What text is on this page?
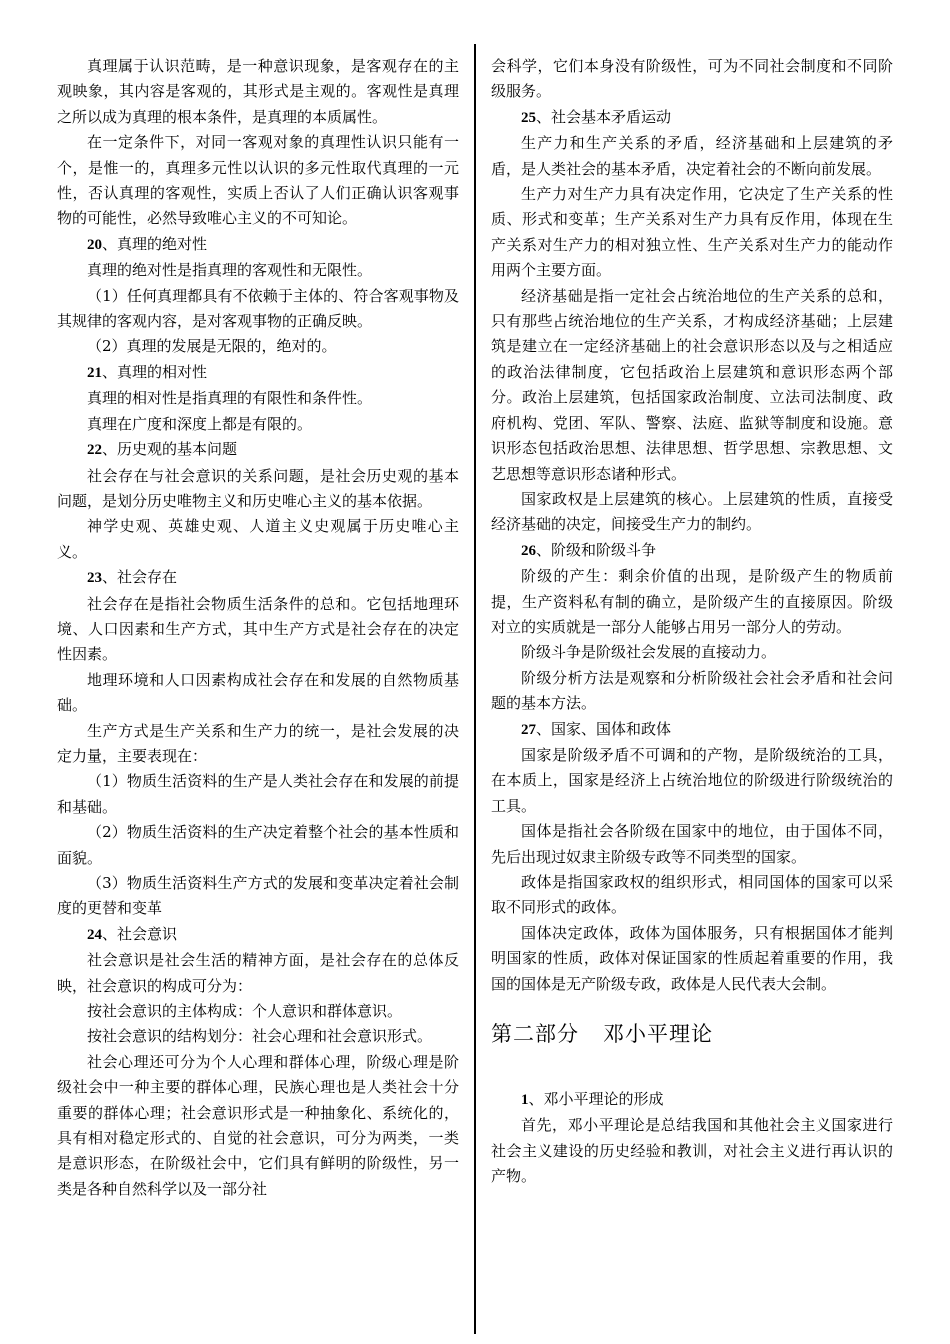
真理属于认识范畴，是一种意识现象，是客观存在的主观映象，其内容是客观的，其形式是主观的。客观性是真理之所以成为真理的根本条件，是真理的本质属性。

在一定条件下，对同一客观对象的真理性认识只能有一个，是惟一的，真理多元性以认识的多元性取代真理的一元性，否认真理的客观性，实质上否认了人们正确认识客观事物的可能性，必然导致唯心主义的不可知论。

20、真理的绝对性

真理的绝对性是指真理的客观性和无限性。

（1）任何真理都具有不依赖于主体的、符合客观事物及其规律的客观内容，是对客观事物的正确反映。

（2）真理的发展是无限的，绝对的。

21、真理的相对性

真理的相对性是指真理的有限性和条件性。

真理在广度和深度上都是有限的。

22、历史观的基本问题

社会存在与社会意识的关系问题，是社会历史观的基本问题，是划分历史唯物主义和历史唯心主义的基本依据。

神学史观、英雄史观、人道主义史观属于历史唯心主义。

23、社会存在

社会存在是指社会物质生活条件的总和。它包括地理环境、人口因素和生产方式，其中生产方式是社会存在的决定性因素。

地理环境和人口因素构成社会存在和发展的自然物质基础。

生产方式是生产关系和生产力的统一，是社会发展的决定力量，主要表现在：

（1）物质生活资料的生产是人类社会存在和发展的前提和基础。

（2）物质生活资料的生产决定着整个社会的基本性质和面貌。

（3）物质生活资料生产方式的发展和变革决定着社会制度的更替和变革

24、社会意识

社会意识是社会生活的精神方面，是社会存在的总体反映，社会意识的构成可分为：

按社会意识的主体构成：个人意识和群体意识。

按社会意识的结构划分：社会心理和社会意识形式。

社会心理还可分为个人心理和群体心理，阶级心理是阶级社会中一种主要的群体心理，民族心理也是人类社会十分重要的群体心理；社会意识形式是一种抽象化、系统化的，具有相对稳定形式的、自觉的社会意识，可分为两类，一类是意识形态，在阶级社会中，它们具有鲜明的阶级性，另一类是各种自然科学以及一部分社

会科学，它们本身没有阶级性，可为不同社会制度和不同阶级服务。

25、社会基本矛盾运动

生产力和生产关系的矛盾，经济基础和上层建筑的矛盾，是人类社会的基本矛盾，决定着社会的不断向前发展。

生产力对生产力具有决定作用，它决定了生产关系的性质、形式和变革；生产关系对生产力具有反作用，体现在生产关系对生产力的相对独立性、生产关系对生产力的能动作用两个主要方面。

经济基础是指一定社会占统治地位的生产关系的总和，只有那些占统治地位的生产关系，才构成经济基础；上层建筑是建立在一定经济基础上的社会意识形态以及与之相适应的政治法律制度，它包括政治上层建筑和意识形态两个部分。政治上层建筑，包括国家政治制度、立法司法制度、政府机构、党团、军队、警察、法庭、监狱等制度和设施。意识形态包括政治思想、法律思想、哲学思想、宗教思想、文艺思想等意识形态诸种形式。

国家政权是上层建筑的核心。上层建筑的性质，直接受经济基础的决定，间接受生产力的制约。

26、阶级和阶级斗争

阶级的产生：剩余价值的出现，是阶级产生的物质前提，生产资料私有制的确立，是阶级产生的直接原因。阶级对立的实质就是一部分人能够占用另一部分人的劳动。

阶级斗争是阶级社会发展的直接动力。

阶级分析方法是观察和分析阶级社会社会矛盾和社会问题的基本方法。

27、国家、国体和政体

国家是阶级矛盾不可调和的产物，是阶级统治的工具，在本质上，国家是经济上占统治地位的阶级进行阶级统治的工具。

国体是指社会各阶级在国家中的地位，由于国体不同，先后出现过奴隶主阶级专政等不同类型的国家。

政体是指国家政权的组织形式，相同国体的国家可以采取不同形式的政体。

国体决定政体，政体为国体服务，只有根据国体才能判明国家的性质，政体对保证国家的性质起着重要的作用，我国的国体是无产阶级专政，政体是人民代表大会制。

第二部分 邓小平理论

1、邓小平理论的形成

首先，邓小平理论是总结我国和其他社会主义国家进行社会主义建设的历史经验和教训，对社会主义进行再认识的产物。
